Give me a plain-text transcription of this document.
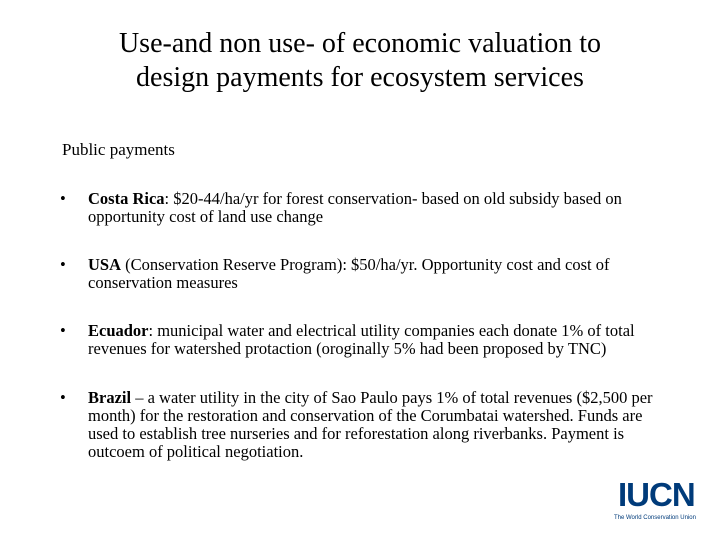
Use-and non use- of economic valuation to
design payments for ecosystem services
Public payments
• Costa Rica: $20-44/ha/yr for forest conservation- based on old subsidy based on opportunity cost of land use change
• USA (Conservation Reserve Program): $50/ha/yr. Opportunity cost and cost of conservation measures
• Ecuador: municipal water and electrical utility companies each donate 1% of total revenues for watershed protaction (oroginally 5% had been proposed by TNC)
• Brazil – a water utility in the city of Sao Paulo pays 1% of total revenues ($2,500 per month) for the restoration and conservation of the Corumbatai watershed. Funds are used to establish tree nurseries and for reforestation along riverbanks. Payment is outcoem of political negotiation.
IUCN
The World Conservation Union
